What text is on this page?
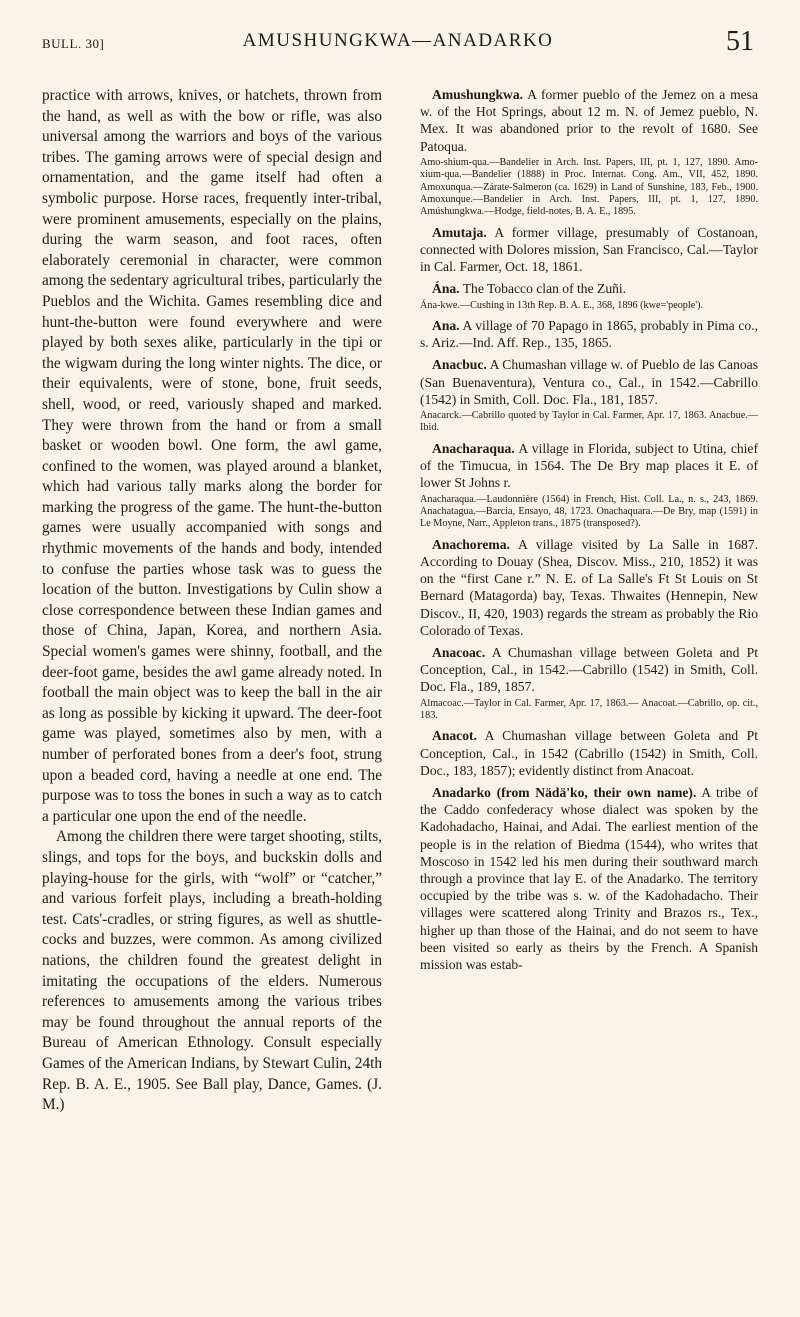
BULL. 30]	AMUSHUNGKWA—ANADARKO	51

practice with arrows, knives, or hatchets, thrown from the hand, as well as with the bow or rifle, was also universal among the warriors and boys of the various tribes. The gaming arrows were of special design and ornamentation, and the game itself had often a symbolic purpose. Horse races, frequently inter-tribal, were prominent amusements, especially on the plains, during the warm season, and foot races, often elaborately ceremonial in character, were common among the sedentary agricultural tribes, particularly the Pueblos and the Wichita. Games resembling dice and hunt-the-button were found everywhere and were played by both sexes alike, particularly in the tipi or the wigwam during the long winter nights. The dice, or their equivalents, were of stone, bone, fruit seeds, shell, wood, or reed, variously shaped and marked. They were thrown from the hand or from a small basket or wooden bowl. One form, the awl game, confined to the women, was played around a blanket, which had various tally marks along the border for marking the progress of the game. The hunt-the-button games were usually accompanied with songs and rhythmic movements of the hands and body, intended to confuse the parties whose task was to guess the location of the button. Investigations by Culin show a close correspondence between these Indian games and those of China, Japan, Korea, and northern Asia. Special women's games were shinny, football, and the deer-foot game, besides the awl game already noted. In football the main object was to keep the ball in the air as long as possible by kicking it upward. The deer-foot game was played, sometimes also by men, with a number of perforated bones from a deer's foot, strung upon a beaded cord, having a needle at one end. The purpose was to toss the bones in such a way as to catch a particular one upon the end of the needle.

Among the children there were target shooting, stilts, slings, and tops for the boys, and buckskin dolls and playing-house for the girls, with “wolf” or “catcher,” and various forfeit plays, including a breath-holding test. Cats'-cradles, or string figures, as well as shuttle-cocks and buzzes, were common. As among civilized nations, the children found the greatest delight in imitating the occupations of the elders. Numerous references to amusements among the various tribes may be found throughout the annual reports of the Bureau of American Ethnology. Consult especially Games of the American Indians, by Stewart Culin, 24th Rep. B. A. E., 1905. See Ball play, Dance, Games. (J. M.)

Amushungkwa. A former pueblo of the Jemez on a mesa w. of the Hot Springs, about 12 m. N. of Jemez pueblo, N. Mex. It was abandoned prior to the revolt of 1680. See Patoqua.
Amo-shium-qua.—Bandelier in Arch. Inst. Papers, III, pt. 1, 127, 1890. Amo-xium-qua.—Bandelier (1888) in Proc. Internat. Cong. Am., VII, 452, 1890. Amoxunqua.—Zárate-Salmeron (ca. 1629) in Land of Sunshine, 183, Feb., 1900. Amoxunque.—Bandelier in Arch. Inst. Papers, III, pt. 1, 127, 1890. Amúshungkwa.—Hodge, field-notes, B. A. E., 1895.
Amutaja. A former village, presumably of Costanoan, connected with Dolores mission, San Francisco, Cal.—Taylor in Cal. Farmer, Oct. 18, 1861.
Ána. The Tobacco clan of the Zuñi.
Ána-kwe.—Cushing in 13th Rep. B. A. E., 368, 1896 (kwe='people').
Ana. A village of 70 Papago in 1865, probably in Pima co., s. Ariz.—Ind. Aff. Rep., 135, 1865.
Anacbuc. A Chumashan village w. of Pueblo de las Canoas (San Buenaventura), Ventura co., Cal., in 1542.—Cabrillo (1542) in Smith, Coll. Doc. Fla., 181, 1857.
Anacarck.—Cabrillo quoted by Taylor in Cal. Farmer, Apr. 17, 1863. Anacbue.—Ibid.
Anacharaqua. A village in Florida, subject to Utina, chief of the Timucua, in 1564. The De Bry map places it E. of lower St Johns r.
Anacharaqua.—Laudonnière (1564) in French, Hist. Coll. La., n. s., 243, 1869. Anachatagua.—Barcia, Ensayo, 48, 1723. Onachaquara.—De Bry, map (1591) in Le Moyne, Narr., Appleton trans., 1875 (transposed?).
Anachorema. A village visited by La Salle in 1687. According to Douay (Shea, Discov. Miss., 210, 1852) it was on the “first Cane r.” N. E. of La Salle's Ft St Louis on St Bernard (Matagorda) bay, Texas. Thwaites (Hennepin, New Discov., II, 420, 1903) regards the stream as probably the Rio Colorado of Texas.
Anacoac. A Chumashan village between Goleta and Pt Conception, Cal., in 1542.—Cabrillo (1542) in Smith, Coll. Doc. Fla., 189, 1857.
Almacoac.—Taylor in Cal. Farmer, Apr. 17, 1863.— Anacoat.—Cabrillo, op. cit., 183.
Anacot. A Chumashan village between Goleta and Pt Conception, Cal., in 1542 (Cabrillo (1542) in Smith, Coll. Doc., 183, 1857); evidently distinct from Anacoat.
Anadarko (from Nädä'ko, their own name). A tribe of the Caddo confederacy whose dialect was spoken by the Kadohadacho, Hainai, and Adai. The earliest mention of the people is in the relation of Biedma (1544), who writes that Moscoso in 1542 led his men during their southward march through a province that lay E. of the Anadarko. The territory occupied by the tribe was s. w. of the Kadohadacho. Their villages were scattered along Trinity and Brazos rs., Tex., higher up than those of the Hainai, and do not seem to have been visited so early as theirs by the French. A Spanish mission was estab-
